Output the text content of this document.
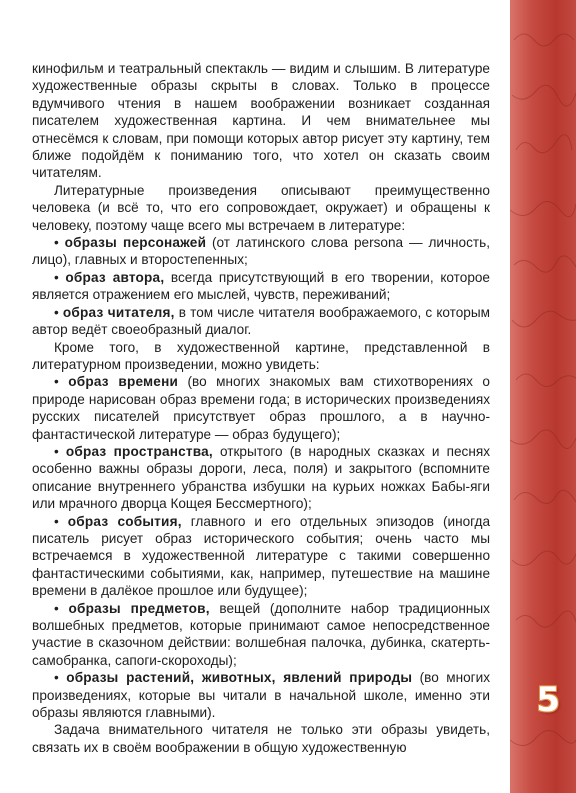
5

кинофильм и театральный спектакль — видим и слышим. В литературе художественные образы скрыты в словах. Только в процессе вдумчивого чтения в нашем воображении возникает созданная писателем художественная картина. И чем внимательнее мы отнесёмся к словам, при помощи которых автор рисует эту картину, тем ближе подойдём к пониманию того, что хотел он сказать своим читателям.

Литературные произведения описывают преимущественно человека (и всё то, что его сопровождает, окружает) и обращены к человеку, поэтому чаще всего мы встречаем в литературе:

• образы персонажей (от латинского слова persona — личность, лицо), главных и второстепенных;

• образ автора, всегда присутствующий в его творении, которое является отражением его мыслей, чувств, переживаний;

• образ читателя, в том числе читателя воображаемого, с которым автор ведёт своеобразный диалог.

Кроме того, в художественной картине, представленной в литературном произведении, можно увидеть:

• образ времени (во многих знакомых вам стихотворениях о природе нарисован образ времени года; в исторических произведениях русских писателей присутствует образ прошлого, а в научно-фантастической литературе — образ будущего);

• образ пространства, открытого (в народных сказках и песнях особенно важны образы дороги, леса, поля) и закрытого (вспомните описание внутреннего убранства избушки на курьих ножках Бабы-яги или мрачного дворца Кощея Бессмертного);

• образ события, главного и его отдельных эпизодов (иногда писатель рисует образ исторического события; очень часто мы встречаемся в художественной литературе с такими совершенно фантастическими событиями, как, например, путешествие на машине времени в далёкое прошлое или будущее);

• образы предметов, вещей (дополните набор традиционных волшебных предметов, которые принимают самое непосредственное участие в сказочном действии: волшебная палочка, дубинка, скатерть-самобранка, сапоги-скороходы);

• образы растений, животных, явлений природы (во многих произведениях, которые вы читали в начальной школе, именно эти образы являются главными).

Задача внимательного читателя не только эти образы увидеть, связать их в своём воображении в общую художественную
